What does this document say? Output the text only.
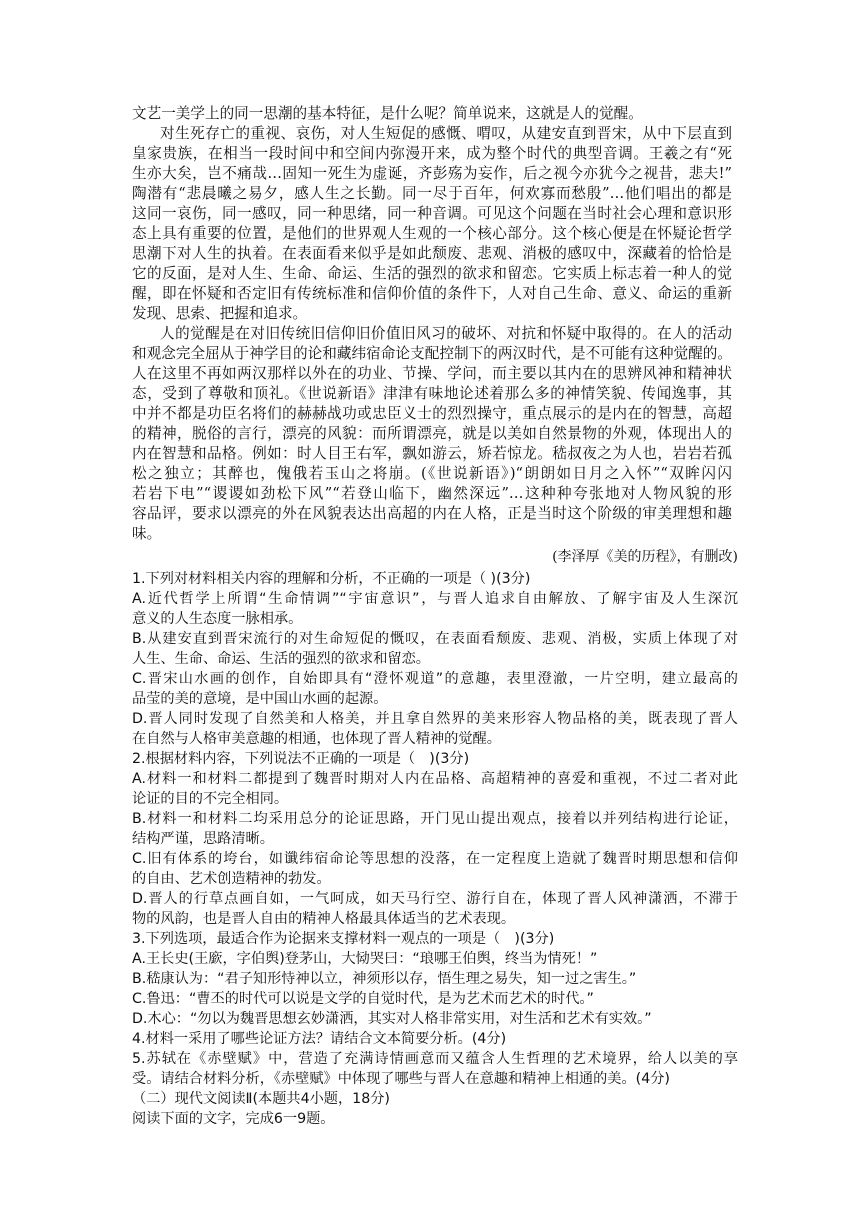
文艺一美学上的同一思潮的基本特征，是什么呢？简单说来，这就是人的觉醒。
对生死存亡的重视、哀伤，对人生短促的感慨、喟叹，从建安直到晋宋，从中下层直到
皇家贵族，在相当一段时间中和空间内弥漫开来，成为整个时代的典型音调。王羲之有“死
生亦大矣，岂不痛哉…固知一死生为虚诞，齐彭殇为妄作，后之视今亦犹今之视昔，悲夫!”
陶潜有“悲晨曦之易夕，感人生之长勤。同一尽于百年，何欢寡而愁殷”…他们唱出的都是
这同一哀伤，同一感叹，同一种思绪，同一种音调。可见这个问题在当时社会心理和意识形
态上具有重要的位置，是他们的世界观人生观的一个核心部分。这个核心便是在怀疑论哲学
思潮下对人生的执着。在表面看来似乎是如此颓废、悲观、消极的感叹中，深藏着的恰恰是
它的反面，是对人生、生命、命运、生活的强烈的欲求和留恋。它实质上标志着一种人的觉
醒，即在怀疑和否定旧有传统标准和信仰价值的条件下，人对自己生命、意义、命运的重新
发现、思索、把握和追求。
人的觉醒是在对旧传统旧信仰旧价值旧风习的破坏、对抗和怀疑中取得的。在人的活动
和观念完全屈从于神学目的论和藏纬宿命论支配控制下的两汉时代，是不可能有这种觉醒的。
人在这里不再如两汉那样以外在的功业、节操、学问，而主要以其内在的思辨风神和精神状
态，受到了尊敬和顶礼。《世说新语》津津有味地论述着那么多的神情笑貌、传闻逸事，其
中并不都是功臣名将们的赫赫战功或忠臣义士的烈烈操守，重点展示的是内在的智慧，高超
的精神，脱俗的言行，漂亮的风貌：而所谓漂亮，就是以美如自然景物的外观，体现出人的
内在智慧和品格。例如：时人目王右军，飘如游云，矫若惊龙。嵇叔夜之为人也，岩岩若孤
松之独立；其醉也，傀俄若玉山之将崩。(《世说新语》)“朗朗如日月之入怀”“双眸闪闪
若岩下电”“谡谡如劲松下风”“若登山临下，幽然深远”…这种种夸张地对人物风貌的形
容品评，要求以漂亮的外在风貌表达出高超的内在人格，正是当时这个阶级的审美理想和趣
味。
(李泽厚《美的历程》，有删改)
1.下列对材料相关内容的理解和分析，不正确的一项是（ )(3分)
A.近代哲学上所谓“生命情调”“宇宙意识”，与晋人追求自由解放、了解宇宙及人生深沉
意义的人生态度一脉相承。
B.从建安直到晋宋流行的对生命短促的慨叹，在表面看颓废、悲观、消极，实质上体现了对
人生、生命、命运、生活的强烈的欲求和留恋。
C.晋宋山水画的创作，自始即具有“澄怀观道”的意趣，表里澄澈，一片空明，建立最高的
品莹的美的意境，是中国山水画的起源。
D.晋人同时发现了自然美和人格美，并且拿自然界的美来形容人物品格的美，既表现了晋人
在自然与人格审美意趣的相通，也体现了晋人精神的觉醒。
2.根据材料内容，下列说法不正确的一项是（　)(3分)
A.材料一和材料二都提到了魏晋时期对人内在品格、高超精神的喜爱和重视，不过二者对此
论证的目的不完全相同。
B.材料一和材料二均采用总分的论证思路，开门见山提出观点，接着以并列结构进行论证，
结构严谨，思路清晰。
C.旧有体系的垮台，如谶纬宿命论等思想的没落，在一定程度上造就了魏晋时期思想和信仰
的自由、艺术创造精神的勃发。
D.晋人的行草点画自如，一气呵成，如天马行空、游行自在，体现了晋人风神潇洒，不滞于
物的风韵，也是晋人自由的精神人格最具体适当的艺术表现。
3.下列选项，最适合作为论据来支撑材料一观点的一项是（　)(3分)
A.王长史(王廞，字伯舆)登茅山，大恸哭曰：“琅哪王伯舆，终当为情死！”
B.嵇康认为：“君子知形恃神以立，神须形以存，悟生理之易失，知一过之害生。”
C.鲁迅：“曹丕的时代可以说是文学的自觉时代，是为艺术而艺术的时代。”
D.木心：“勿以为魏晋思想玄妙潇洒，其实对人格非常实用，对生活和艺术有实效。”
4.材料一采用了哪些论证方法？请结合文本简要分析。(4分)
5.苏轼在《赤壁赋》中，营造了充满诗情画意而又蕴含人生哲理的艺术境界，给人以美的享
受。请结合材料分析，《赤壁赋》中体现了哪些与晋人在意趣和精神上相通的美。(4分)
（二）现代文阅读Ⅱ(本题共4小题，18分)
阅读下面的文字，完成6一9题。
